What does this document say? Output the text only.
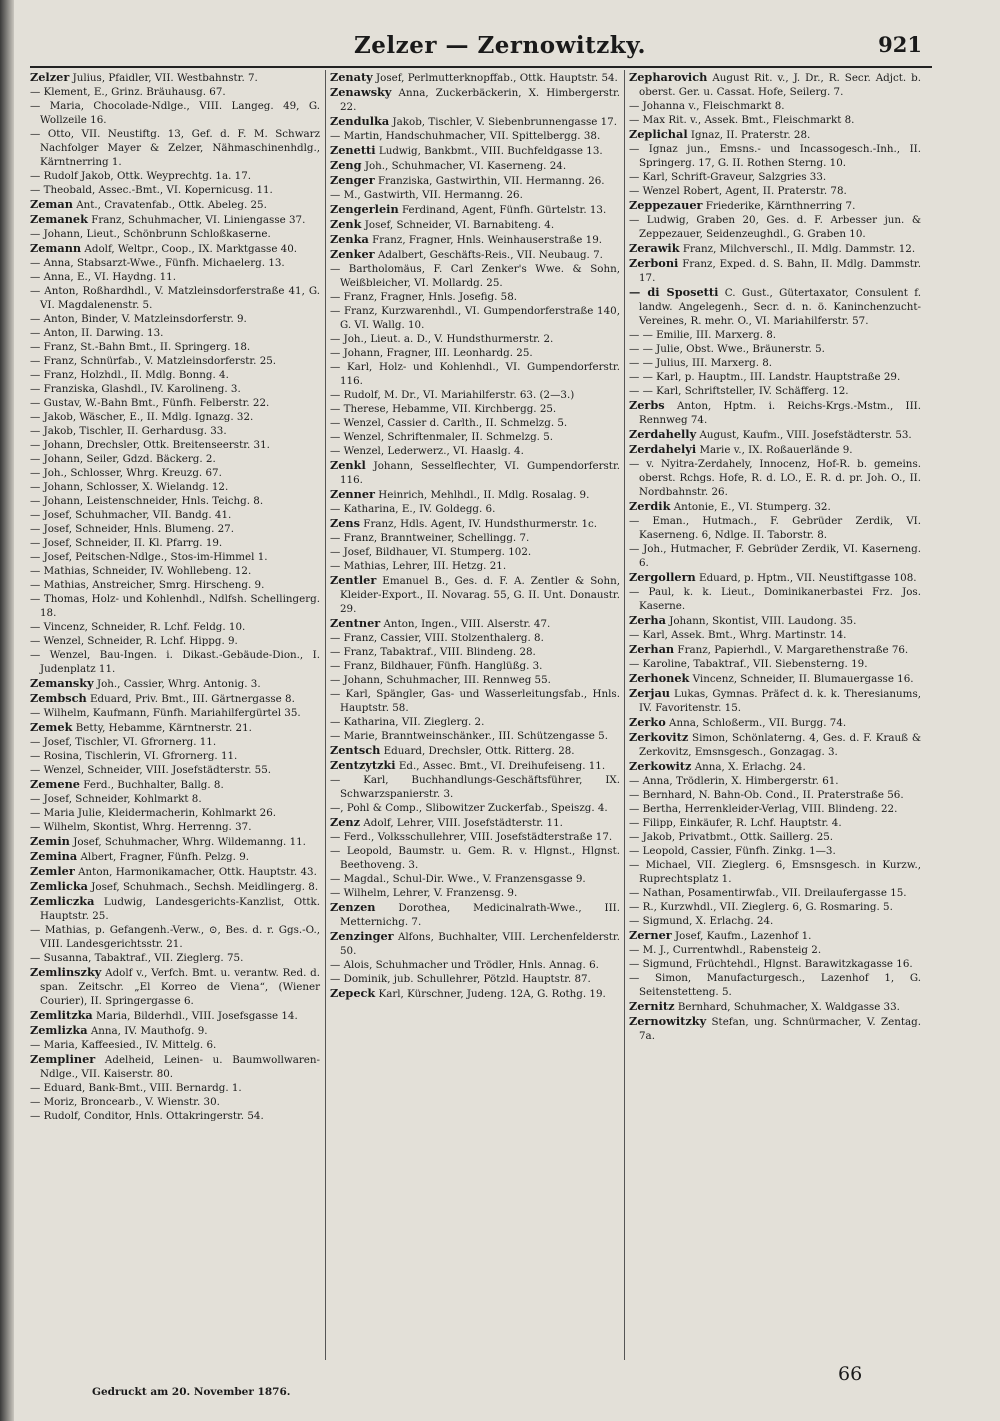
Zelzer — Zernowitzky.	921

Zelzer Julius, Pfaidler, VII. Westbahnstr. 7.

— Klement, E., Grinz. Bräuhausg. 67.

— Maria, Chocolade-Ndlge., VIII. Langeg. 49, G. Wollzeile 16.

— Otto, VII. Neustiftg. 13, Gef. d. F. M. Schwarz Nachfolger Mayer & Zelzer, Nähmaschinenhdlg., Kärntnerring 1.

— Rudolf Jakob, Ottk. Weyprechtg. 1a. 17.

— Theobald, Assec.-Bmt., VI. Kopernicusg. 11.

Zeman Ant., Cravatenfab., Ottk. Abeleg. 25.

Zemanek Franz, Schuhmacher, VI. Liniengasse 37.

— Johann, Lieut., Schönbrunn Schloßkaserne.

Zemann Adolf, Weltpr., Coop., IX. Marktgasse 40.

— Anna, Stabsarzt-Wwe., Fünfh. Michaelerg. 13.

— Anna, E., VI. Haydng. 11.

— Anton, Roßhardhdl., V. Matzleinsdorferstraße 41, G. VI. Magdalenenstr. 5.

— Anton, Binder, V. Matzleinsdorferstr. 9.

— Anton, II. Darwing. 13.

— Franz, St.-Bahn Bmt., II. Springerg. 18.

— Franz, Schnürfab., V. Matzleinsdorferstr. 25.

— Franz, Holzhdl., II. Mdlg. Bonng. 4.

— Franziska, Glashdl., IV. Karolineng. 3.

— Gustav, W.-Bahn Bmt., Fünfh. Felberstr. 22.

— Jakob, Wäscher, E., II. Mdlg. Ignazg. 32.

— Jakob, Tischler, II. Gerhardusg. 33.

— Johann, Drechsler, Ottk. Breitenseerstr. 31.

— Johann, Seiler, Gdzd. Bäckerg. 2.

— Joh., Schlosser, Whrg. Kreuzg. 67.

— Johann, Schlosser, X. Wielandg. 12.

— Johann, Leistenschneider, Hnls. Teichg. 8.

— Josef, Schuhmacher, VII. Bandg. 41.

— Josef, Schneider, Hnls. Blumeng. 27.

— Josef, Schneider, II. Kl. Pfarrg. 19.

— Josef, Peitschen-Ndlge., Stos-im-Himmel 1.

— Mathias, Schneider, IV. Wohllebeng. 12.

— Mathias, Anstreicher, Smrg. Hirscheng. 9.

— Thomas, Holz- und Kohlenhdl., Ndlfsh. Schellingerg. 18.

— Vincenz, Schneider, R. Lchf. Feldg. 10.

— Wenzel, Schneider, R. Lchf. Hippg. 9.

— Wenzel, Bau-Ingen. i. Dikast.-Gebäude-Dion., I. Judenplatz 11.

Zemansky Joh., Cassier, Whrg. Antonig. 3.

Zembsch Eduard, Priv. Bmt., III. Gärtnergasse 8.

— Wilhelm, Kaufmann, Fünfh. Mariahilfergürtel 35.

Zemek Betty, Hebamme, Kärntnerstr. 21.

— Josef, Tischler, VI. Gfrornerg. 11.

— Rosina, Tischlerin, VI. Gfrornerg. 11.

— Wenzel, Schneider, VIII. Josefstädterstr. 55.

Zemene Ferd., Buchhalter, Ballg. 8.

— Josef, Schneider, Kohlmarkt 8.

— Maria Julie, Kleidermacherin, Kohlmarkt 26.

— Wilhelm, Skontist, Whrg. Herrenng. 37.

Zemin Josef, Schuhmacher, Whrg. Wildemanng. 11.

Zemina Albert, Fragner, Fünfh. Pelzg. 9.

Zemler Anton, Harmonikamacher, Ottk. Hauptstr. 43.

Zemlicka Josef, Schuhmach., Sechsh. Meidlingerg. 8.

Zemliczka Ludwig, Landesgerichts-Kanzlist, Ottk. Hauptstr. 25.

— Mathias, p. Gefangenh.-Verw., ⊙, Bes. d. r. Ggs.-O., VIII. Landesgerichtsstr. 21.

— Susanna, Tabaktraf., VII. Zieglerg. 75.

Zemlinszky Adolf v., Verfch. Bmt. u. verantw. Red. d. span. Zeitschr. „El Korreo de Viena“, (Wiener Courier), II. Springergasse 6.

Zemlitzka Maria, Bilderhdl., VIII. Josefsgasse 14.

Zemlizka Anna, IV. Mauthofg. 9.

— Maria, Kaffeesied., IV. Mittelg. 6.

Zempliner Adelheid, Leinen- u. Baumwollwaren-Ndlge., VII. Kaiserstr. 80.

— Eduard, Bank-Bmt., VIII. Bernardg. 1.

— Moriz, Broncearb., V. Wienstr. 30.

— Rudolf, Conditor, Hnls. Ottakringerstr. 54.

Zenaty Josef, Perlmutterknopffab., Ottk. Hauptstr. 54.

Zenawsky Anna, Zuckerbäckerin, X. Himbergerstr. 22.

Zendulka Jakob, Tischler, V. Siebenbrunnengasse 17.

— Martin, Handschuhmacher, VII. Spittelbergg. 38.

Zenetti Ludwig, Bankbmt., VIII. Buchfeldgasse 13.

Zeng Joh., Schuhmacher, VI. Kaserneng. 24.

Zenger Franziska, Gastwirthin, VII. Hermanng. 26.

— M., Gastwirth, VII. Hermanng. 26.

Zengerlein Ferdinand, Agent, Fünfh. Gürtelstr. 13.

Zenk Josef, Schneider, VI. Barnabiteng. 4.

Zenka Franz, Fragner, Hnls. Weinhauserstraße 19.

Zenker Adalbert, Geschäfts-Reis., VII. Neubaug. 7.

— Bartholomäus, F. Carl Zenker's Wwe. & Sohn, Weißbleicher, VI. Mollardg. 25.

— Franz, Fragner, Hnls. Josefig. 58.

— Franz, Kurzwarenhdl., VI. Gumpendorferstraße 140, G. VI. Wallg. 10.

— Joh., Lieut. a. D., V. Hundsthurmerstr. 2.

— Johann, Fragner, III. Leonhardg. 25.

— Karl, Holz- und Kohlenhdl., VI. Gumpendorferstr. 116.

— Rudolf, M. Dr., VI. Mariahilferstr. 63. (2—3.)

— Therese, Hebamme, VII. Kirchbergg. 25.

— Wenzel, Cassier d. Carlth., II. Schmelzg. 5.

— Wenzel, Schriftenmaler, II. Schmelzg. 5.

— Wenzel, Lederwerz., VI. Haaslg. 4.

Zenkl Johann, Sesselflechter, VI. Gumpendorferstr. 116.

Zenner Heinrich, Mehlhdl., II. Mdlg. Rosalag. 9.

— Katharina, E., IV. Goldegg. 6.

Zens Franz, Hdls. Agent, IV. Hundsthurmerstr. 1c.

— Franz, Branntweiner, Schellingg. 7.

— Josef, Bildhauer, VI. Stumperg. 102.

— Mathias, Lehrer, III. Hetzg. 21.

Zentler Emanuel B., Ges. d. F. A. Zentler & Sohn, Kleider-Export., II. Novarag. 55, G. II. Unt. Donaustr. 29.

Zentner Anton, Ingen., VIII. Alserstr. 47.

— Franz, Cassier, VIII. Stolzenthalerg. 8.

— Franz, Tabaktraf., VIII. Blindeng. 28.

— Franz, Bildhauer, Fünfh. Hanglüßg. 3.

— Johann, Schuhmacher, III. Rennweg 55.

— Karl, Spängler, Gas- und Wasserleitungsfab., Hnls. Hauptstr. 58.

— Katharina, VII. Zieglerg. 2.

— Marie, Branntweinschänker., III. Schützengasse 5.

Zentsch Eduard, Drechsler, Ottk. Ritterg. 28.

Zentzytzki Ed., Assec. Bmt., VI. Dreihufeiseng. 11.

— Karl, Buchhandlungs-Geschäftsführer, IX. Schwarzspanierstr. 3.

—, Pohl & Comp., Slibowitzer Zuckerfab., Speiszg. 4.

Zenz Adolf, Lehrer, VIII. Josefstädterstr. 11.

— Ferd., Volksschullehrer, VIII. Josefstädterstraße 17.

— Leopold, Baumstr. u. Gem. R. v. Hlgnst., Hlgnst. Beethoveng. 3.

— Magdal., Schul-Dir. Wwe., V. Franzensgasse 9.

— Wilhelm, Lehrer, V. Franzensg. 9.

Zenzen Dorothea, Medicinalrath-Wwe., III. Metternichg. 7.

Zenzinger Alfons, Buchhalter, VIII. Lerchenfelderstr. 50.

— Alois, Schuhmacher und Trödler, Hnls. Annag. 6.

— Dominik, jub. Schullehrer, Pötzld. Hauptstr. 87.

Zepeck Karl, Kürschner, Judeng. 12A, G. Rothg. 19.

Zepharovich August Rit. v., J. Dr., R. Secr. Adjct. b. oberst. Ger. u. Cassat. Hofe, Seilerg. 7.

— Johanna v., Fleischmarkt 8.

— Max Rit. v., Assek. Bmt., Fleischmarkt 8.

Zeplichal Ignaz, II. Praterstr. 28.

— Ignaz jun., Emsns.- und Incassogesch.-Inh., II. Springerg. 17, G. II. Rothen Sterng. 10.

— Karl, Schrift-Graveur, Salzgries 33.

— Wenzel Robert, Agent, II. Praterstr. 78.

Zeppezauer Friederike, Kärnthnerring 7.

— Ludwig, Graben 20, Ges. d. F. Arbesser jun. & Zeppezauer, Seidenzeughdl., G. Graben 10.

Zerawik Franz, Milchverschl., II. Mdlg. Dammstr. 12.

Zerboni Franz, Exped. d. S. Bahn, II. Mdlg. Dammstr. 17.

— di Sposetti C. Gust., Gütertaxator, Consulent f. landw. Angelegenh., Secr. d. n. ö. Kaninchenzucht-Vereines, R. mehr. O., VI. Mariahilferstr. 57.

— — Emilie, III. Marxerg. 8.

— — Julie, Obst. Wwe., Bräunerstr. 5.

— — Julius, III. Marxerg. 8.

— — Karl, p. Hauptm., III. Landstr. Hauptstraße 29.

— — Karl, Schriftsteller, IV. Schäfferg. 12.

Zerbs Anton, Hptm. i. Reichs-Krgs.-Mstm., III. Rennweg 74.

Zerdahelly August, Kaufm., VIII. Josefstädterstr. 53.

Zerdahelyi Marie v., IX. Roßauerlände 9.

— v. Nyitra-Zerdahely, Innocenz, Hof-R. b. gemeins. oberst. Rchgs. Hofe, R. d. LO., E. R. d. pr. Joh. O., II. Nordbahnstr. 26.

Zerdik Antonie, E., VI. Stumperg. 32.

— Eman., Hutmach., F. Gebrüder Zerdik, VI. Kaserneng. 6, Ndlge. II. Taborstr. 8.

— Joh., Hutmacher, F. Gebrüder Zerdik, VI. Kaserneng. 6.

Zergollern Eduard, p. Hptm., VII. Neustiftgasse 108.

— Paul, k. k. Lieut., Dominikanerbastei Frz. Jos. Kaserne.

Zerha Johann, Skontist, VIII. Laudong. 35.

— Karl, Assek. Bmt., Whrg. Martinstr. 14.

Zerhan Franz, Papierhdl., V. Margarethenstraße 76.

— Karoline, Tabaktraf., VII. Siebensterng. 19.

Zerhonek Vincenz, Schneider, II. Blumauergasse 16.

Zerjau Lukas, Gymnas. Präfect d. k. k. Theresianums, IV. Favoritenstr. 15.

Zerko Anna, Schloßerm., VII. Burgg. 74.

Zerkovitz Simon, Schönlaterng. 4, Ges. d. F. Krauß & Zerkovitz, Emsnsgesch., Gonzagag. 3.

Zerkowitz Anna, X. Erlachg. 24.

— Anna, Trödlerin, X. Himbergerstr. 61.

— Bernhard, N. Bahn-Ob. Cond., II. Praterstraße 56.

— Bertha, Herrenkleider-Verlag, VIII. Blindeng. 22.

— Filipp, Einkäufer, R. Lchf. Hauptstr. 4.

— Jakob, Privatbmt., Ottk. Saillerg. 25.

— Leopold, Cassier, Fünfh. Zinkg. 1—3.

— Michael, VII. Zieglerg. 6, Emsnsgesch. in Kurzw., Ruprechtsplatz 1.

— Nathan, Posamentirwfab., VII. Dreilaufergasse 15.

— R., Kurzwhdl., VII. Zieglerg. 6, G. Rosmaring. 5.

— Sigmund, X. Erlachg. 24.

Zerner Josef, Kaufm., Lazenhof 1.

— M. J., Currentwhdl., Rabensteig 2.

— Sigmund, Früchtehdl., Hlgnst. Barawitzkagasse 16.

— Simon, Manufacturgesch., Lazenhof 1, G. Seitenstetteng. 5.

Zernitz Bernhard, Schuhmacher, X. Waldgasse 33.

Zernowitzky Stefan, ung. Schnürmacher, V. Zentag. 7a.

Gedruckt am 20. November 1876.
66
